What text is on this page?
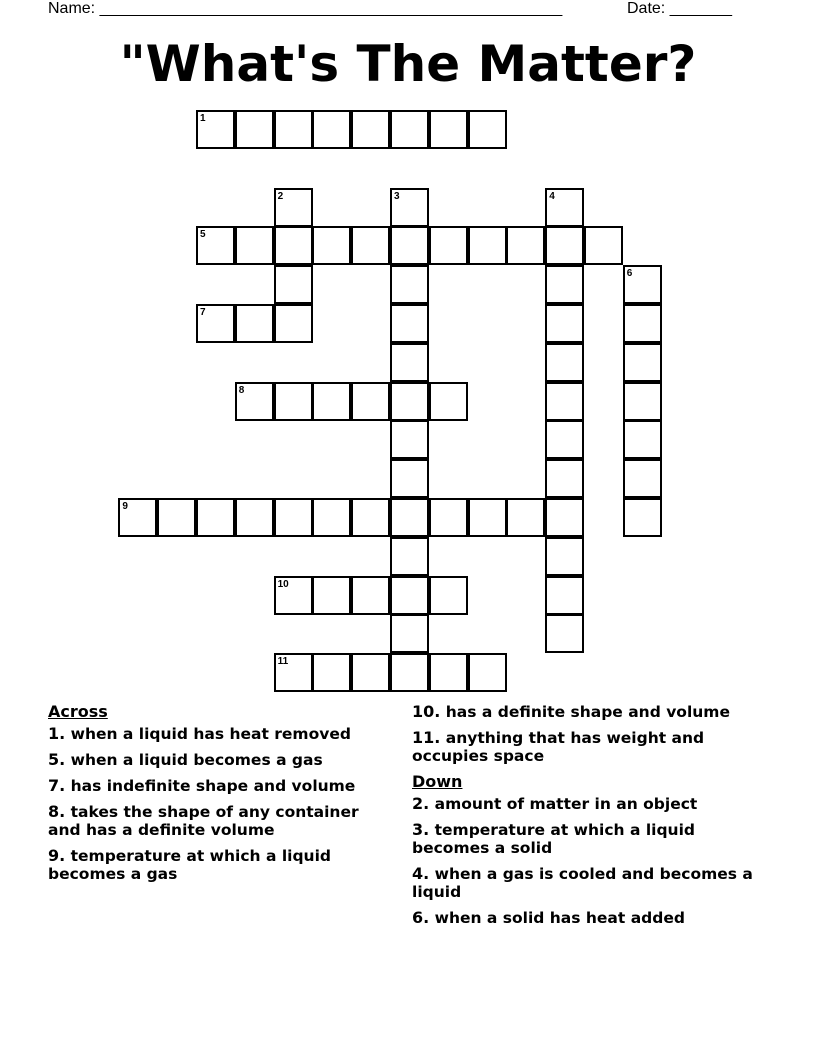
Name: ____________________________________________________	Date: _______
"What's The Matter?
1
2	3	4
5
6
7
8
9
10
11
Across
1. when a liquid has heat removed
5. when a liquid becomes a gas
7. has indefinite shape and volume
8. takes the shape of any container and has a definite volume
9. temperature at which a liquid becomes a gas
10. has a definite shape and volume
11. anything that has weight and occupies space
Down
2. amount of matter in an object
3. temperature at which a liquid becomes a solid
4. when a gas is cooled and becomes a liquid
6. when a solid has heat added
